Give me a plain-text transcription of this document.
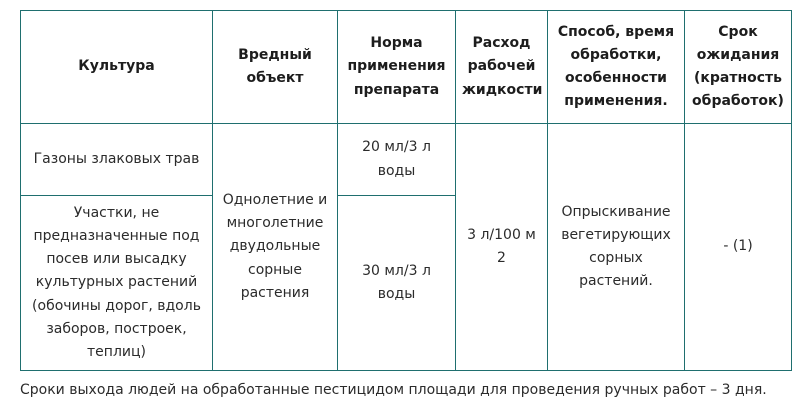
Культура	Вредный объект	Норма применения препарата	Расход рабочей жидкости	Способ, время обработки, особенности применения.	Срок ожидания (кратность обработок)
Газоны злаковых трав	Однолетние и многолетние двудольные сорные растения	20 мл/3 л воды	3 л/100 м 2	Опрыскивание вегетирующих сорных растений.	- (1)
Участки, не предназначенные под посев или высадку культурных растений (обочины дорог, вдоль заборов, построек, теплиц)		30 мл/3 л воды			
Сроки выхода людей на обработанные пестицидом площади для проведения ручных работ – 3 дня.
